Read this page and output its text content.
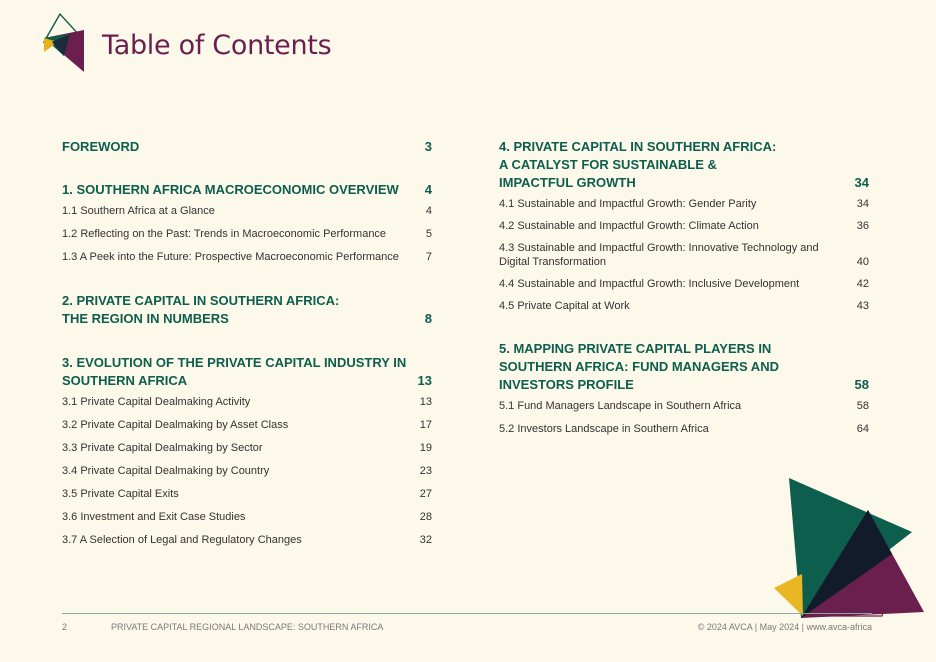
Table of Contents
FOREWORD	3
1. SOUTHERN AFRICA MACROECONOMIC OVERVIEW 4
1.1 Southern Africa at a Glance	4
1.2 Reflecting on the Past: Trends in Macroeconomic Performance	5
1.3 A Peek into the Future: Prospective Macroeconomic Performance 7
2. PRIVATE CAPITAL IN SOUTHERN AFRICA:
THE REGION IN NUMBERS	8
3. EVOLUTION OF THE PRIVATE CAPITAL INDUSTRY IN
SOUTHERN AFRICA	13
3.1 Private Capital Dealmaking Activity	13
3.2 Private Capital Dealmaking by Asset Class	17
3.3 Private Capital Dealmaking by Sector	19
3.4 Private Capital Dealmaking by Country	23
3.5 Private Capital Exits	27
3.6 Investment and Exit Case Studies	28
3.7 A Selection of Legal and Regulatory Changes	32
4. PRIVATE CAPITAL IN SOUTHERN AFRICA:
A CATALYST FOR SUSTAINABLE &
IMPACTFUL GROWTH	34
4.1 Sustainable and Impactful Growth: Gender Parity	34
4.2 Sustainable and Impactful Growth: Climate Action	36
4.3 Sustainable and Impactful Growth: Innovative Technology and Digital Transformation	40
4.4 Sustainable and Impactful Growth: Inclusive Development	42
4.5 Private Capital at Work	43
5. MAPPING PRIVATE CAPITAL PLAYERS IN
SOUTHERN AFRICA: FUND MANAGERS AND
INVESTORS PROFILE	58
5.1 Fund Managers Landscape in Southern Africa	58
5.2 Investors Landscape in Southern Africa	64
2	PRIVATE CAPITAL REGIONAL LANDSCAPE: SOUTHERN AFRICA	© 2024 AVCA | May 2024 | www.avca-africa
